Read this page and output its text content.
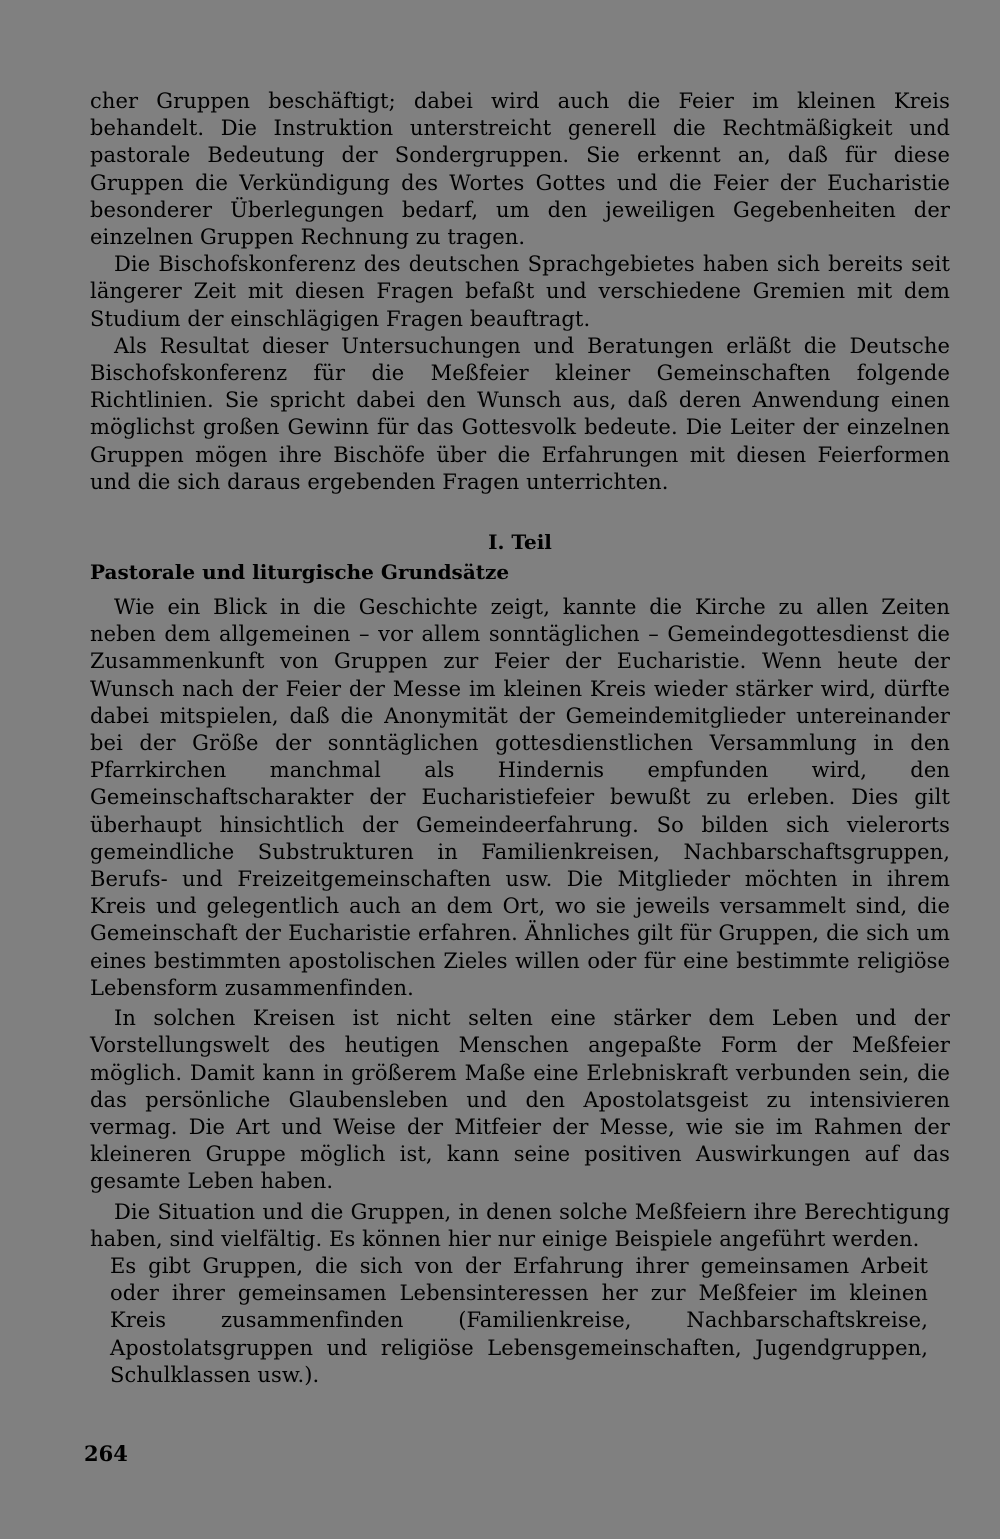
cher Gruppen beschäftigt; dabei wird auch die Feier im kleinen Kreis behandelt. Die Instruktion unterstreicht generell die Rechtmäßigkeit und pastorale Bedeutung der Sondergruppen. Sie erkennt an, daß für diese Gruppen die Verkündigung des Wortes Gottes und die Feier der Eucharistie besonderer Überlegungen bedarf, um den jeweiligen Gegebenheiten der einzelnen Gruppen Rechnung zu tragen.

Die Bischofskonferenz des deutschen Sprachgebietes haben sich bereits seit längerer Zeit mit diesen Fragen befaßt und verschiedene Gremien mit dem Studium der einschlägigen Fragen beauftragt.

Als Resultat dieser Untersuchungen und Beratungen erläßt die Deutsche Bischofskonferenz für die Meßfeier kleiner Gemeinschaften folgende Richtlinien. Sie spricht dabei den Wunsch aus, daß deren Anwendung einen möglichst großen Gewinn für das Gottesvolk bedeute. Die Leiter der einzelnen Gruppen mögen ihre Bischöfe über die Erfahrungen mit diesen Feierformen und die sich daraus ergebenden Fragen unterrichten.

I. Teil
Pastorale und liturgische Grundsätze

Wie ein Blick in die Geschichte zeigt, kannte die Kirche zu allen Zeiten neben dem allgemeinen – vor allem sonntäglichen – Gemeindegottesdienst die Zusammenkunft von Gruppen zur Feier der Eucharistie. Wenn heute der Wunsch nach der Feier der Messe im kleinen Kreis wieder stärker wird, dürfte dabei mitspielen, daß die Anonymität der Gemeindemitglieder untereinander bei der Größe der sonntäglichen gottesdienstlichen Versammlung in den Pfarrkirchen manchmal als Hindernis empfunden wird, den Gemeinschaftscharakter der Eucharistiefeier bewußt zu erleben. Dies gilt überhaupt hinsichtlich der Gemeindeerfahrung. So bilden sich vielerorts gemeindliche Substrukturen in Familienkreisen, Nachbarschaftsgruppen, Berufs- und Freizeitgemeinschaften usw. Die Mitglieder möchten in ihrem Kreis und gelegentlich auch an dem Ort, wo sie jeweils versammelt sind, die Gemeinschaft der Eucharistie erfahren. Ähnliches gilt für Gruppen, die sich um eines bestimmten apostolischen Zieles willen oder für eine bestimmte religiöse Lebensform zusammenfinden.

In solchen Kreisen ist nicht selten eine stärker dem Leben und der Vorstellungswelt des heutigen Menschen angepaßte Form der Meßfeier möglich. Damit kann in größerem Maße eine Erlebniskraft verbunden sein, die das persönliche Glaubensleben und den Apostolatsgeist zu intensivieren vermag. Die Art und Weise der Mitfeier der Messe, wie sie im Rahmen der kleineren Gruppe möglich ist, kann seine positiven Auswirkungen auf das gesamte Leben haben.

Die Situation und die Gruppen, in denen solche Meßfeiern ihre Berechtigung haben, sind vielfältig. Es können hier nur einige Beispiele angeführt werden.

Es gibt Gruppen, die sich von der Erfahrung ihrer gemeinsamen Arbeit oder ihrer gemeinsamen Lebensinteressen her zur Meßfeier im kleinen Kreis zusammenfinden (Familienkreise, Nachbarschaftskreise, Apostolatsgruppen und religiöse Lebensgemeinschaften, Jugendgruppen, Schulklassen usw.).

264
